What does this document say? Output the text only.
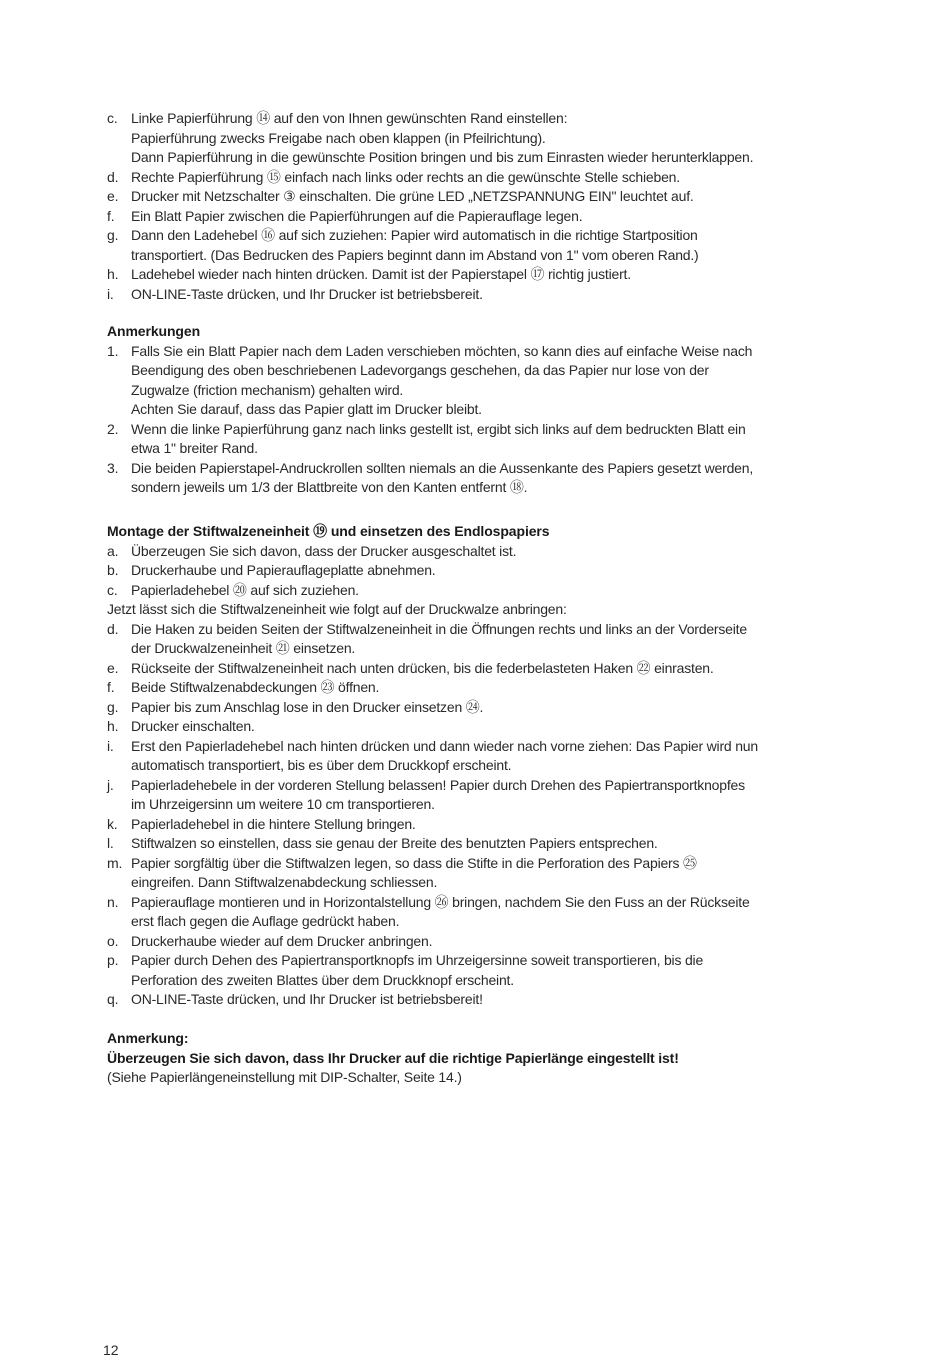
c. Linke Papierführung ⑭ auf den von Ihnen gewünschten Rand einstellen:
Papierführung zwecks Freigabe nach oben klappen (in Pfeilrichtung).
Dann Papierführung in die gewünschte Position bringen und bis zum Einrasten wieder herunterklappen.
d. Rechte Papierführung ⑮ einfach nach links oder rechts an die gewünschte Stelle schieben.
e. Drucker mit Netzschalter ③ einschalten. Die grüne LED „NETZSPANNUNG EIN" leuchtet auf.
f. Ein Blatt Papier zwischen die Papierführungen auf die Papierauflage legen.
g. Dann den Ladehebel ⑯ auf sich zuziehen: Papier wird automatisch in die richtige Startposition
transportiert. (Das Bedrucken des Papiers beginnt dann im Abstand von 1" vom oberen Rand.)
h. Ladehebel wieder nach hinten drücken. Damit ist der Papierstapel ⑰ richtig justiert.
i. ON-LINE-Taste drücken, und Ihr Drucker ist betriebsbereit.
Anmerkungen
1. Falls Sie ein Blatt Papier nach dem Laden verschieben möchten, so kann dies auf einfache Weise nach
Beendigung des oben beschriebenen Ladevorgangs geschehen, da das Papier nur lose von der
Zugwalze (friction mechanism) gehalten wird.
Achten Sie darauf, dass das Papier glatt im Drucker bleibt.
2. Wenn die linke Papierführung ganz nach links gestellt ist, ergibt sich links auf dem bedruckten Blatt ein
etwa 1" breiter Rand.
3. Die beiden Papierstapel-Andruckrollen sollten niemals an die Aussenkante des Papiers gesetzt werden,
sondern jeweils um 1/3 der Blattbreite von den Kanten entfernt ⑱.
Montage der Stiftwalzeneinheit ⑲ und einsetzen des Endlospapiers
a. Überzeugen Sie sich davon, dass der Drucker ausgeschaltet ist.
b. Druckerhaube und Papierauflageplatte abnehmen.
c. Papierladehebel ⑳ auf sich zuziehen.
Jetzt lässt sich die Stiftwalzeneinheit wie folgt auf der Druckwalze anbringen:
d. Die Haken zu beiden Seiten der Stiftwalzeneinheit in die Öffnungen rechts und links an der Vorderseite
der Druckwalzeneinheit ㉑ einsetzen.
e. Rückseite der Stiftwalzeneinheit nach unten drücken, bis die federbelasteten Haken ㉒ einrasten.
f. Beide Stiftwalzenabdeckungen ㉓ öffnen.
g. Papier bis zum Anschlag lose in den Drucker einsetzen ㉔.
h. Drucker einschalten.
i. Erst den Papierladehebel nach hinten drücken und dann wieder nach vorne ziehen: Das Papier wird nun
automatisch transportiert, bis es über dem Druckkopf erscheint.
j. Papierladehebele in der vorderen Stellung belassen! Papier durch Drehen des Papiertransportknopfes
im Uhrzeigersinn um weitere 10 cm transportieren.
k. Papierladehebel in die hintere Stellung bringen.
l. Stiftwalzen so einstellen, dass sie genau der Breite des benutzten Papiers entsprechen.
m. Papier sorgfältig über die Stiftwalzen legen, so dass die Stifte in die Perforation des Papiers ㉕
eingreifen. Dann Stiftwalzenabdeckung schliessen.
n. Papierauflage montieren und in Horizontalstellung ㉖ bringen, nachdem Sie den Fuss an der Rückseite
erst flach gegen die Auflage gedrückt haben.
o. Druckerhaube wieder auf dem Drucker anbringen.
p. Papier durch Dehen des Papiertransportknopfs im Uhrzeigersinne soweit transportieren, bis die
Perforation des zweiten Blattes über dem Druckknopf erscheint.
q. ON-LINE-Taste drücken, und Ihr Drucker ist betriebsbereit!
Anmerkung:
Überzeugen Sie sich davon, dass Ihr Drucker auf die richtige Papierlänge eingestellt ist!
(Siehe Papierlängeneinstellung mit DIP-Schalter, Seite 14.)
12
